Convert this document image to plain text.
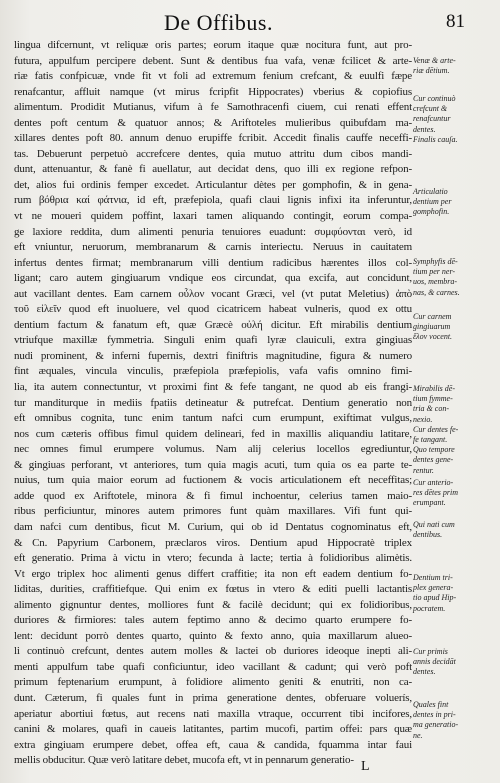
De Offibus.	81
lingua difcernunt, vt reliquæ oris partes; eorum itaque quæ nocitura funt, aut pro-
futura, appulfum percipere debent. Sunt & dentibus fua vafa, venæ fcilicet & arte-
riæ fatis confpicuæ, vnde fit vt foli ad extremum fenium crefcant, & euulfi fæpe
renafcantur, affluit namque (vt mirus fcripfit Hippocrates) vberius & copiofius
alimentum. Prodidit Mutianus, vifum à fe Samothracenfi ciuem, cui renati effent
dentes poft centum & quatuor annos; & Ariftoteles mulieribus quibufdam ma-
xillares dentes poft 80. annum denuo erupiffe fcribit. Accedit finalis cauffe neceffi-
tas. Debuerunt perpetuò accrefcere dentes, quia mutuo attritu dum cibos mandi-
dunt, attenuantur, & fanè fi auellatur, aut decidat dens, quo illi ex regione refpon-
det, alios fui ordinis femper excedet. Articulantur dètes per gomphofin, & in gena-
rum βόθρια καί φάτνια, id eft, præfepiola, quafi claui lignis infixi ita inferuntur,
vt ne moueri quidem poffint, laxari tamen aliquando contingit, eorum compa-
ge laxiore reddita, dum alimenti penuria tenuiores euadunt: συμφύονται verò, id
eft vniuntur, neruorum, membranarum & carnis interiectu. Neruus in cauitatem
infertus dentes firmat; membranarum villi dentium radicibus hærentes illos col-
ligant; caro autem gingiuarum vndique eos circundat, qua excifa, aut concidunt,
aut vacillant dentes. Eam carnem οὖλον vocant Græci, vel (vt putat Meletius) ἀπὸ
τοῦ εἰλεῖν quod eft inuoluere, vel quod cicatricem habeat vulneris, quod ex ottu
dentium factum & fanatum eft, quæ Græcè οὐλή dicitur. Eft mirabilis dentium
vtriufque maxillæ fymmetria. Singuli enim quafi lyræ clauiculi, extra gingiuas
nudi prominent, & inferni fupernis, dextri finiftris magnitudine, figura & numero
fint æquales, vincula vinculis, præfepiola præfepiolis, vafa vafis omnino fimi-
lia, ita autem connectuntur, vt proximi fint & fefe tangant, ne quod ab eis frangi-
tur manditurque in mediis fpatiis detineatur & putrefcat. Dentium generatio non
eft omnibus cognita, tunc enim tantum nafci cum erumpunt, exiftimat vulgus,
nos cum cæteris offibus fimul quidem delineari, fed in maxillis aliquandiu latitare,
nec omnes fimul erumpere volumus. Nam alij celerius locellos egrediuntur,
& gingiuas perforant, vt anteriores, tum quia magis acuti, tum quia os ea parte te-
nuius, tum quia maior eorum ad fuctionem & vocis articulationem eft neceffitas;
adde quod ex Ariftotele, minora & fi fimul inchoentur, celerius tamen maio-
ribus perficiuntur, minores autem primores funt quàm maxillares. Vifi funt qui-
dam nafci cum dentibus, ficut M. Curium, qui ob id Dentatus cognominatus eft,
& Cn. Papyrium Carbonem, præclaros viros. Dentium apud Hippocratè triplex
eft generatio. Prima à victu in vtero; fecunda à lacte; tertia à folidioribus alimètis.
Vt ergo triplex hoc alimenti genus differt craffitie; ita non eft eadem dentium fo-
liditas, durities, craffitiefque. Qui enim ex fœtus in vtero & editi puelli lactantis
alimento gignuntur dentes, molliores funt & facilè decidunt; qui ex folidioribus,
duriores & firmiores: tales autem feptimo anno & decimo quarto erumpere fo-
lent: decidunt porrò dentes quarto, quinto & fexto anno, quia maxillarum alueo-
li continuò crefcunt, dentes autem molles & lactei ob duriores ideoque inepti ali-
menti appulfum tabe quafi confìciuntur, ideo vacillant & cadunt; qui verò poft
primum feptenarium erumpunt, à folidiore alimento geniti & enutriti, non ca-
dunt. Cæterum, fi quales funt in prima generatione dentes, obferuare voluerís,
aperiatur abortiui fœtus, aut recens nati maxilla vtraque, occurrent tibi incifores,
canini & molares, quafi in caueis latitantes, partim mucofi, partim offei: pars quæ
extra gingiuam erumpere debet, offea eft, caua & candida, fquamma intar faui
mellis obducitur. Quæ verò latitare debet, mucofa eft, vt in pennarum generatio-
Venæ & arte-
riæ dētium.
Cur continuò
crefcunt &
renafcuntur
dentes.
Finalis cauſa.
Articulatio
dentium per
gomphofin.
Symphyfis dē-
tium per ner-
uos, membra-
nas, & carnes.
Cur carnem
gingiuarum
ἔλον vocent.
Mirabilis dē-
tium fymme-
tria & con-
nexio.
Cur dentes fe-
fe tangant.
Quo tempore
dentes gene-
rentur.
Cur anterio-
res dētes prim
erumpant.
Qui nati cum
dentibus.
Dentium tri-
plex genera-
tio apud Hip-
pocratem.
Cur primis
annis decidāt
dentes.
Quales fint
dentes in pri-
ma generatio-
ne.
L
